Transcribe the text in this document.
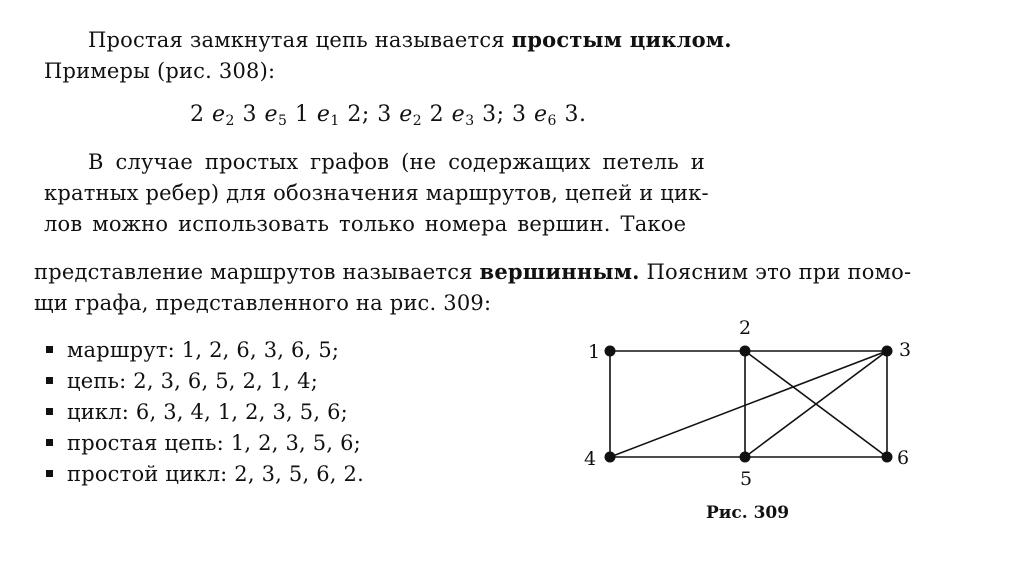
Простая замкнутая цепь называется простым циклом.
Примеры (рис. 308):
2 $e_2$ 3 $e_5$ 1 $e_1$ 2; 3 $e_2$ 2 $e_3$ 3; 3 $e_6$ 3.
В случае простых графов (не содержащих петель и
кратных ребер) для обозначения маршрутов, цепей и цик-
лов можно использовать только номера вершин. Такое
представление маршрутов называется вершинным. Поясним это при помо-
щи графа, представленного на рис. 309:
маршрут: 1, 2, 6, 3, 6, 5;
цепь: 2, 3, 6, 5, 2, 1, 4;
цикл: 6, 3, 4, 1, 2, 3, 5, 6;
простая цепь: 1, 2, 3, 5, 6;
простой цикл: 2, 3, 5, 6, 2.
1
2
3
4
5
6
Рис. 309
